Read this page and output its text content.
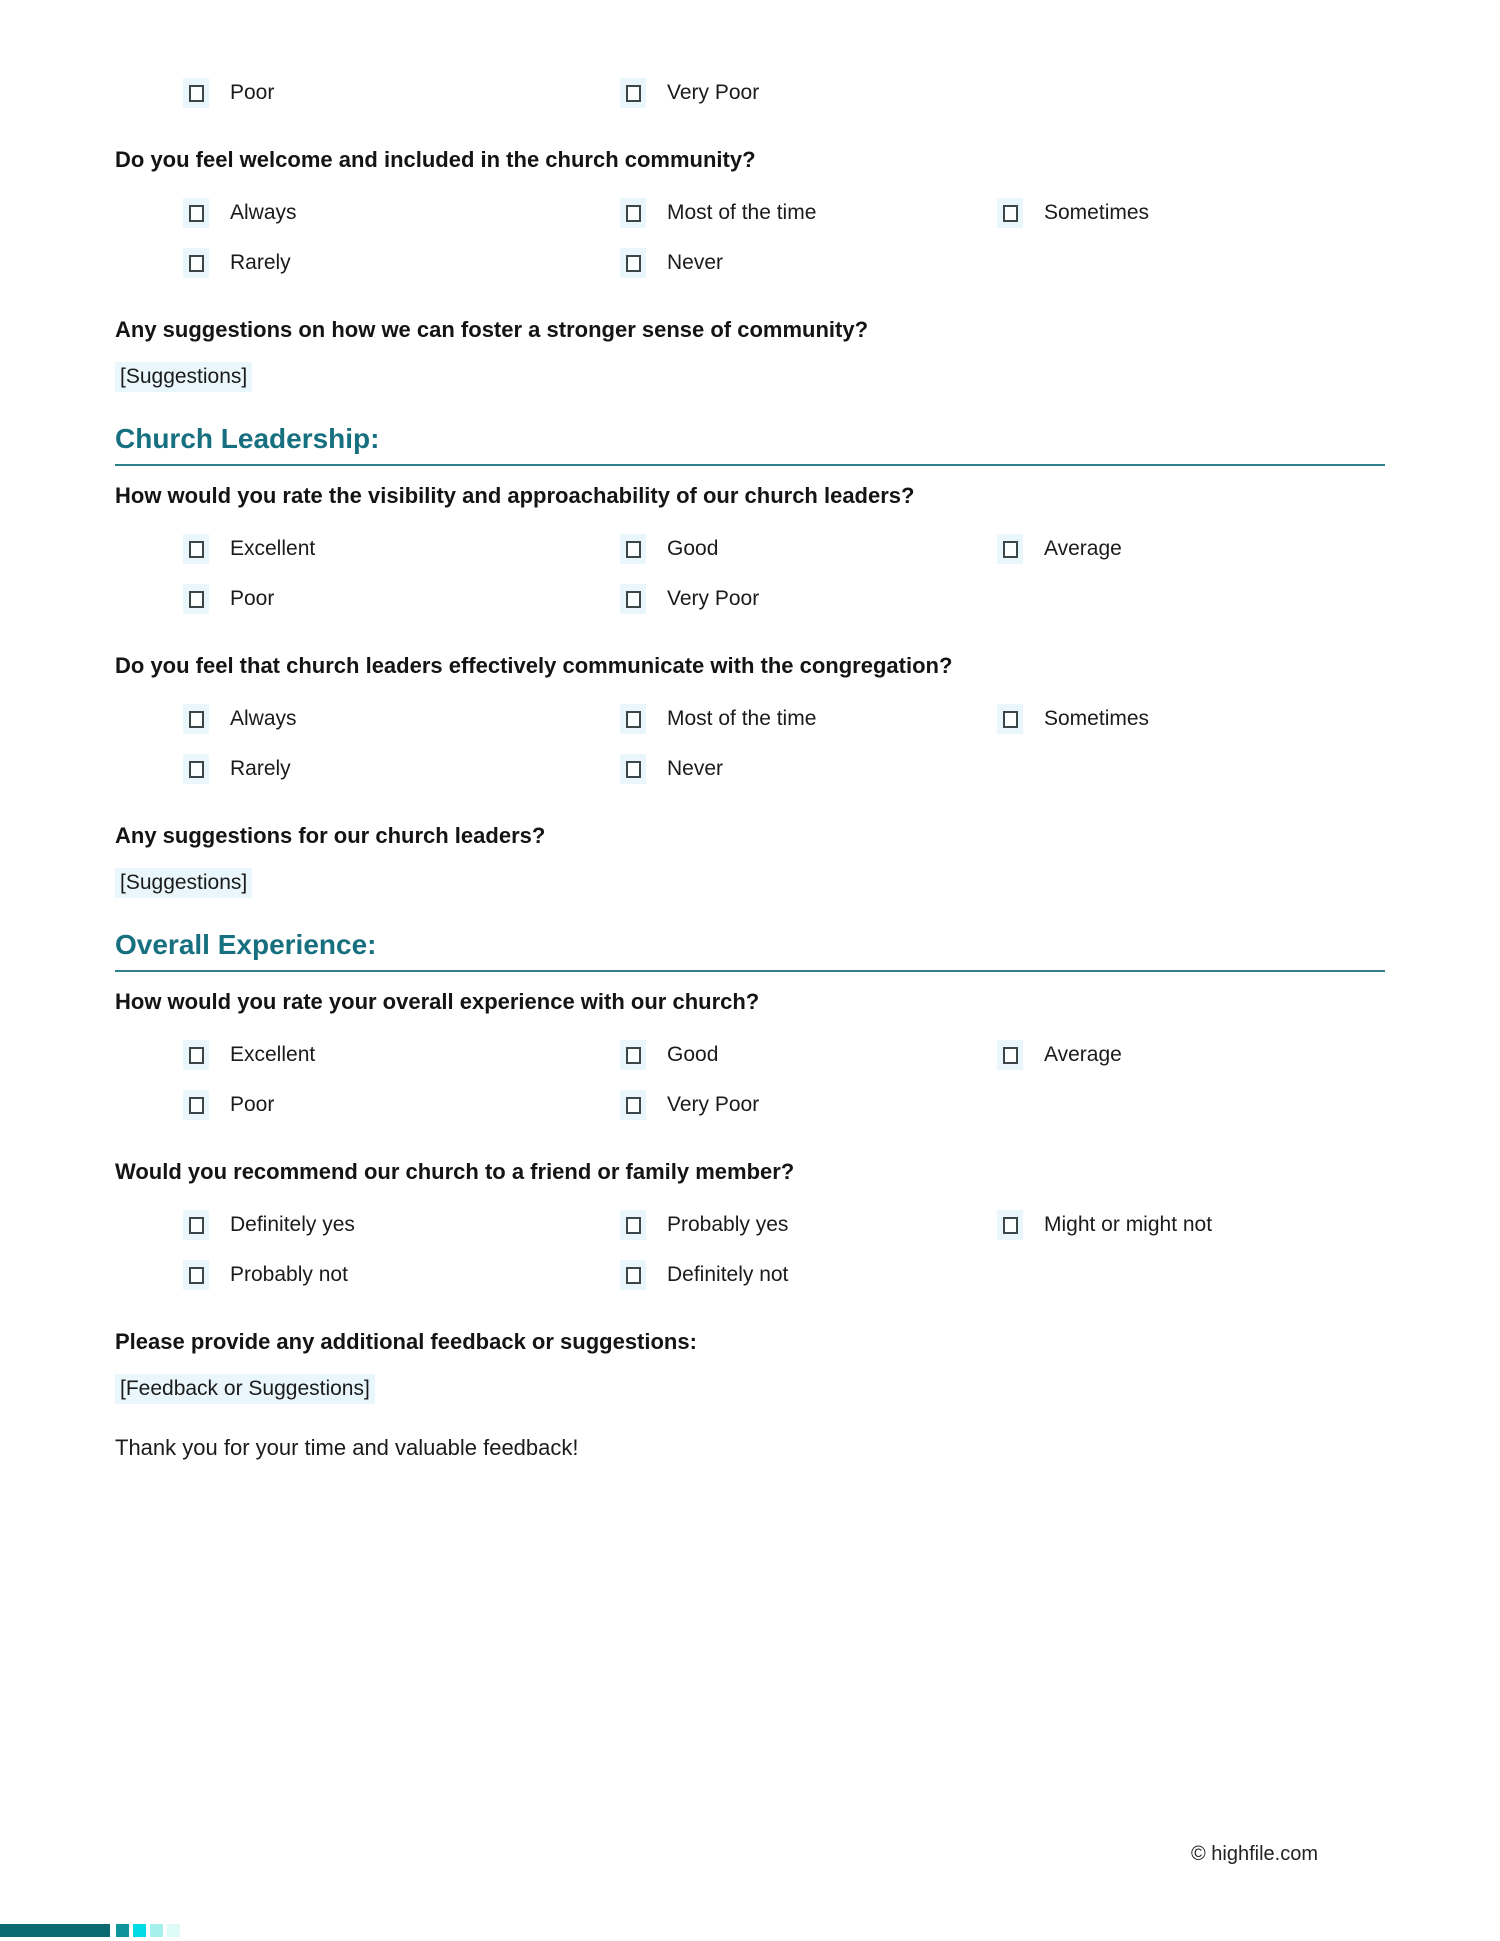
Poor	Very Poor
Do you feel welcome and included in the church community?
Always	Most of the time	Sometimes
Rarely	Never
Any suggestions on how we can foster a stronger sense of community?
[Suggestions]
Church Leadership:
How would you rate the visibility and approachability of our church leaders?
Excellent	Good	Average
Poor	Very Poor
Do you feel that church leaders effectively communicate with the congregation?
Always	Most of the time	Sometimes
Rarely	Never
Any suggestions for our church leaders?
[Suggestions]
Overall Experience:
How would you rate your overall experience with our church?
Excellent	Good	Average
Poor	Very Poor
Would you recommend our church to a friend or family member?
Definitely yes	Probably yes	Might or might not
Probably not	Definitely not
Please provide any additional feedback or suggestions:
[Feedback or Suggestions]
Thank you for your time and valuable feedback!
© highfile.com
